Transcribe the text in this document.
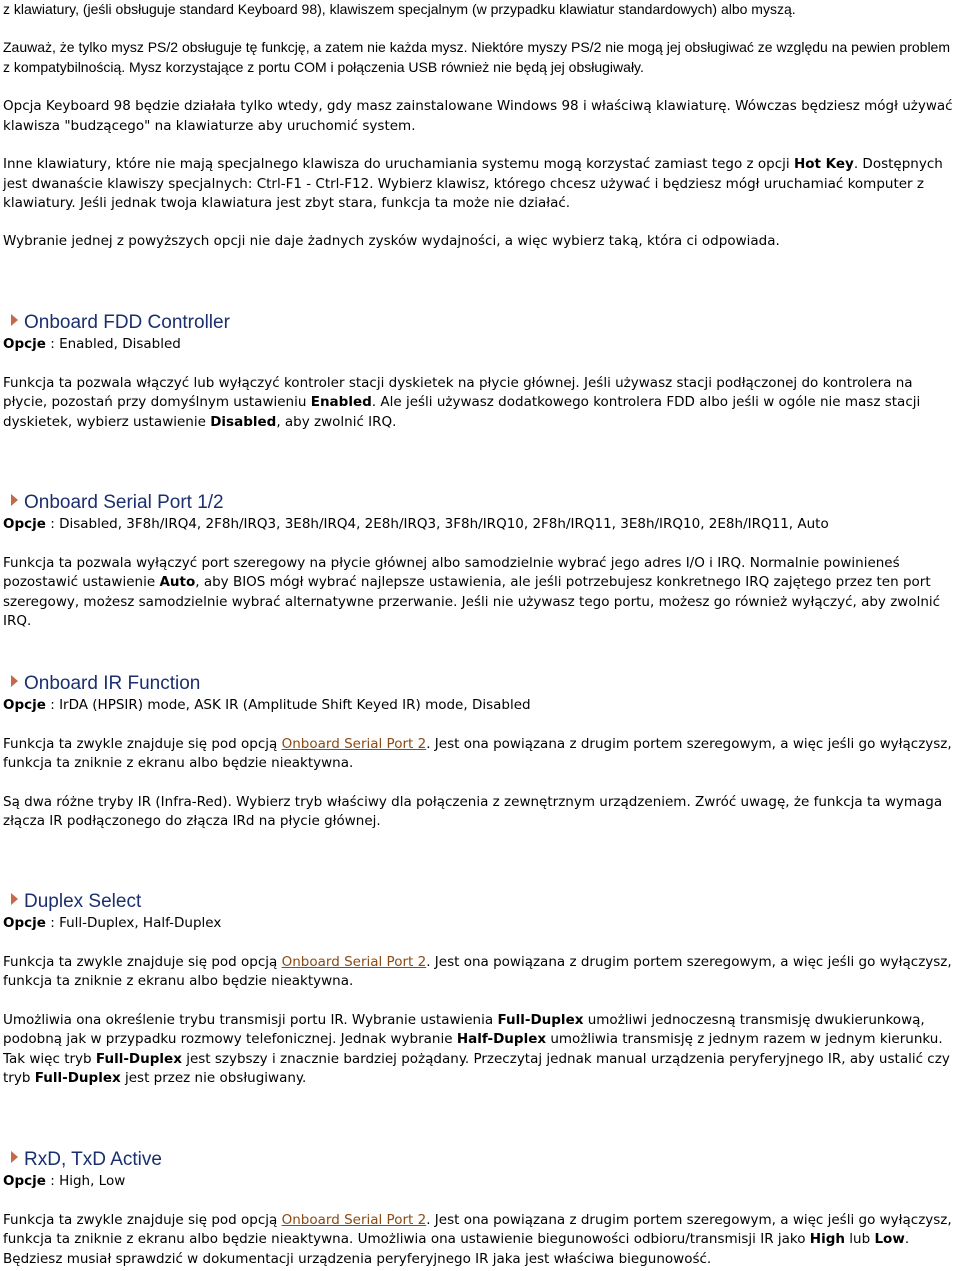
z klawiatury, (jeśli obsługuje standard Keyboard 98), klawiszem specjalnym (w przypadku klawiatur standardowych) albo myszą.

Zauważ, że tylko mysz PS/2 obsługuje tę funkcję, a zatem nie każda mysz. Niektóre myszy PS/2 nie mogą jej obsługiwać ze względu na pewien problem z kompatybilnością. Mysz korzystające z portu COM i połączenia USB również nie będą jej obsługiwały.

Opcja Keyboard 98 będzie działała tylko wtedy, gdy masz zainstalowane Windows 98 i właściwą klawiaturę. Wówczas będziesz mógł używać klawisza "budzącego" na klawiaturze aby uruchomić system.

Inne klawiatury, które nie mają specjalnego klawisza do uruchamiania systemu mogą korzystać zamiast tego z opcji Hot Key. Dostępnych jest dwanaście klawiszy specjalnych: Ctrl-F1 - Ctrl-F12. Wybierz klawisz, którego chcesz używać i będziesz mógł uruchamiać komputer z klawiatury. Jeśli jednak twoja klawiatura jest zbyt stara, funkcja ta może nie działać.

Wybranie jednej z powyższych opcji nie daje żadnych zysków wydajności, a więc wybierz taką, która ci odpowiada.

Onboard FDD Controller

Opcje : Enabled, Disabled

Funkcja ta pozwala włączyć lub wyłączyć kontroler stacji dyskietek na płycie głównej. Jeśli używasz stacji podłączonej do kontrolera na płycie, pozostań przy domyślnym ustawieniu Enabled. Ale jeśli używasz dodatkowego kontrolera FDD albo jeśli w ogóle nie masz stacji dyskietek, wybierz ustawienie Disabled, aby zwolnić IRQ.

Onboard Serial Port 1/2

Opcje : Disabled, 3F8h/IRQ4, 2F8h/IRQ3, 3E8h/IRQ4, 2E8h/IRQ3, 3F8h/IRQ10, 2F8h/IRQ11, 3E8h/IRQ10, 2E8h/IRQ11, Auto

Funkcja ta pozwala wyłączyć port szeregowy na płycie głównej albo samodzielnie wybrać jego adres I/O i IRQ. Normalnie powinieneś pozostawić ustawienie Auto, aby BIOS mógł wybrać najlepsze ustawienia, ale jeśli potrzebujesz konkretnego IRQ zajętego przez ten port szeregowy, możesz samodzielnie wybrać alternatywne przerwanie. Jeśli nie używasz tego portu, możesz go również wyłączyć, aby zwolnić IRQ.

Onboard IR Function

Opcje : IrDA (HPSIR) mode, ASK IR (Amplitude Shift Keyed IR) mode, Disabled

Funkcja ta zwykle znajduje się pod opcją Onboard Serial Port 2. Jest ona powiązana z drugim portem szeregowym, a więc jeśli go wyłączysz, funkcja ta zniknie z ekranu albo będzie nieaktywna.

Są dwa różne tryby IR (Infra-Red). Wybierz tryb właściwy dla połączenia z zewnętrznym urządzeniem. Zwróć uwagę, że funkcja ta wymaga złącza IR podłączonego do złącza IRd na płycie głównej.

Duplex Select

Opcje : Full-Duplex, Half-Duplex

Funkcja ta zwykle znajduje się pod opcją Onboard Serial Port 2. Jest ona powiązana z drugim portem szeregowym, a więc jeśli go wyłączysz, funkcja ta zniknie z ekranu albo będzie nieaktywna.

Umożliwia ona określenie trybu transmisji portu IR. Wybranie ustawienia Full-Duplex umożliwi jednoczesną transmisję dwukierunkową, podobną jak w przypadku rozmowy telefonicznej. Jednak wybranie Half-Duplex umożliwia transmisję z jednym razem w jednym kierunku. Tak więc tryb Full-Duplex jest szybszy i znacznie bardziej pożądany. Przeczytaj jednak manual urządzenia peryferyjnego IR, aby ustalić czy tryb Full-Duplex jest przez nie obsługiwany.

RxD, TxD Active

Opcje : High, Low

Funkcja ta zwykle znajduje się pod opcją Onboard Serial Port 2. Jest ona powiązana z drugim portem szeregowym, a więc jeśli go wyłączysz, funkcja ta zniknie z ekranu albo będzie nieaktywna. Umożliwia ona ustawienie biegunowości odbioru/transmisji IR jako High lub Low. Będziesz musiał sprawdzić w dokumentacji urządzenia peryferyjnego IR jaka jest właściwa biegunowość.
